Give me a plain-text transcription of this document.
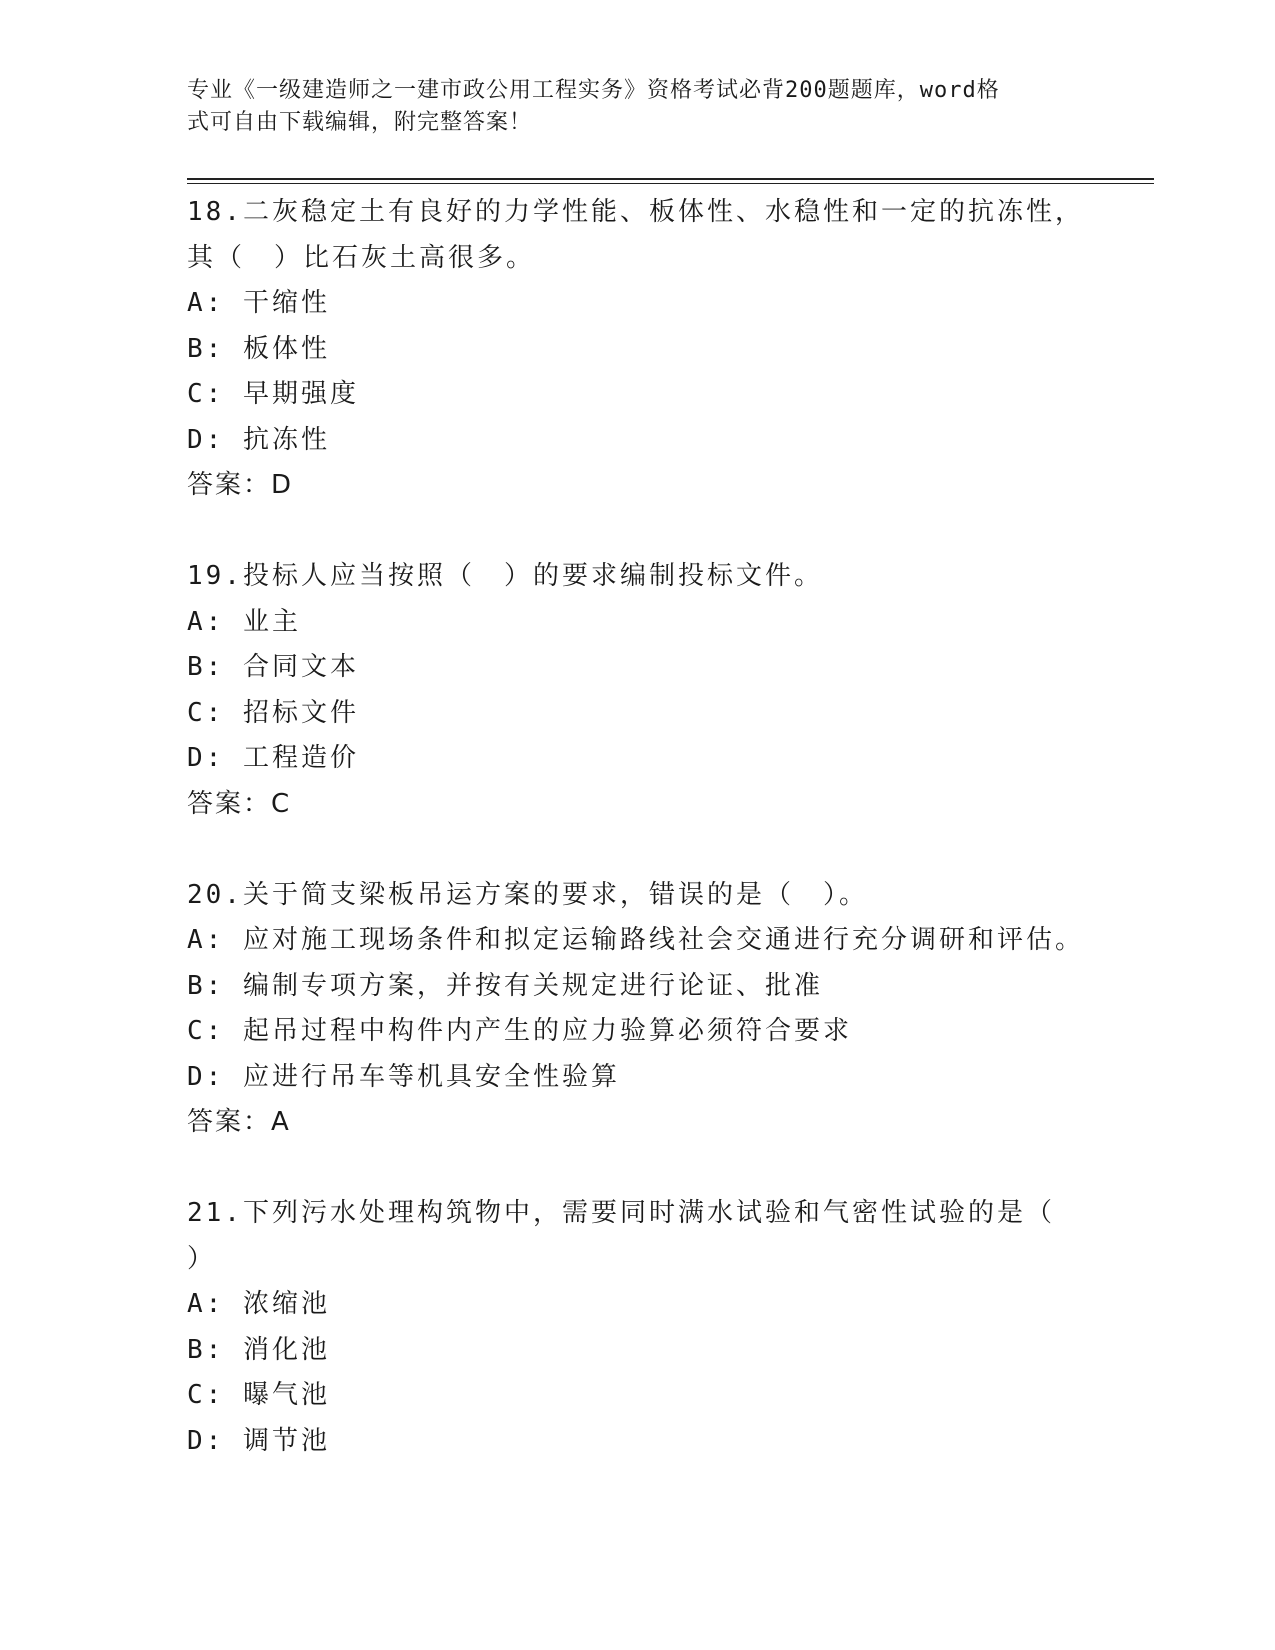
专业《一级建造师之一建市政公用工程实务》资格考试必背200题题库，word格
式可自由下载编辑，附完整答案！
18.二灰稳定土有良好的力学性能、板体性、水稳性和一定的抗冻性，
其（　）比石灰土高很多。
A: 干缩性
B: 板体性
C: 早期强度
D: 抗冻性
答案：D
19.投标人应当按照（　）的要求编制投标文件。
A: 业主
B: 合同文本
C: 招标文件
D: 工程造价
答案：C
20.关于简支梁板吊运方案的要求，错误的是（　）。
A: 应对施工现场条件和拟定运输路线社会交通进行充分调研和评估。
B: 编制专项方案，并按有关规定进行论证、批准
C: 起吊过程中构件内产生的应力验算必须符合要求
D: 应进行吊车等机具安全性验算
答案：A
21.下列污水处理构筑物中，需要同时满水试验和气密性试验的是（
）
A: 浓缩池
B: 消化池
C: 曝气池
D: 调节池
